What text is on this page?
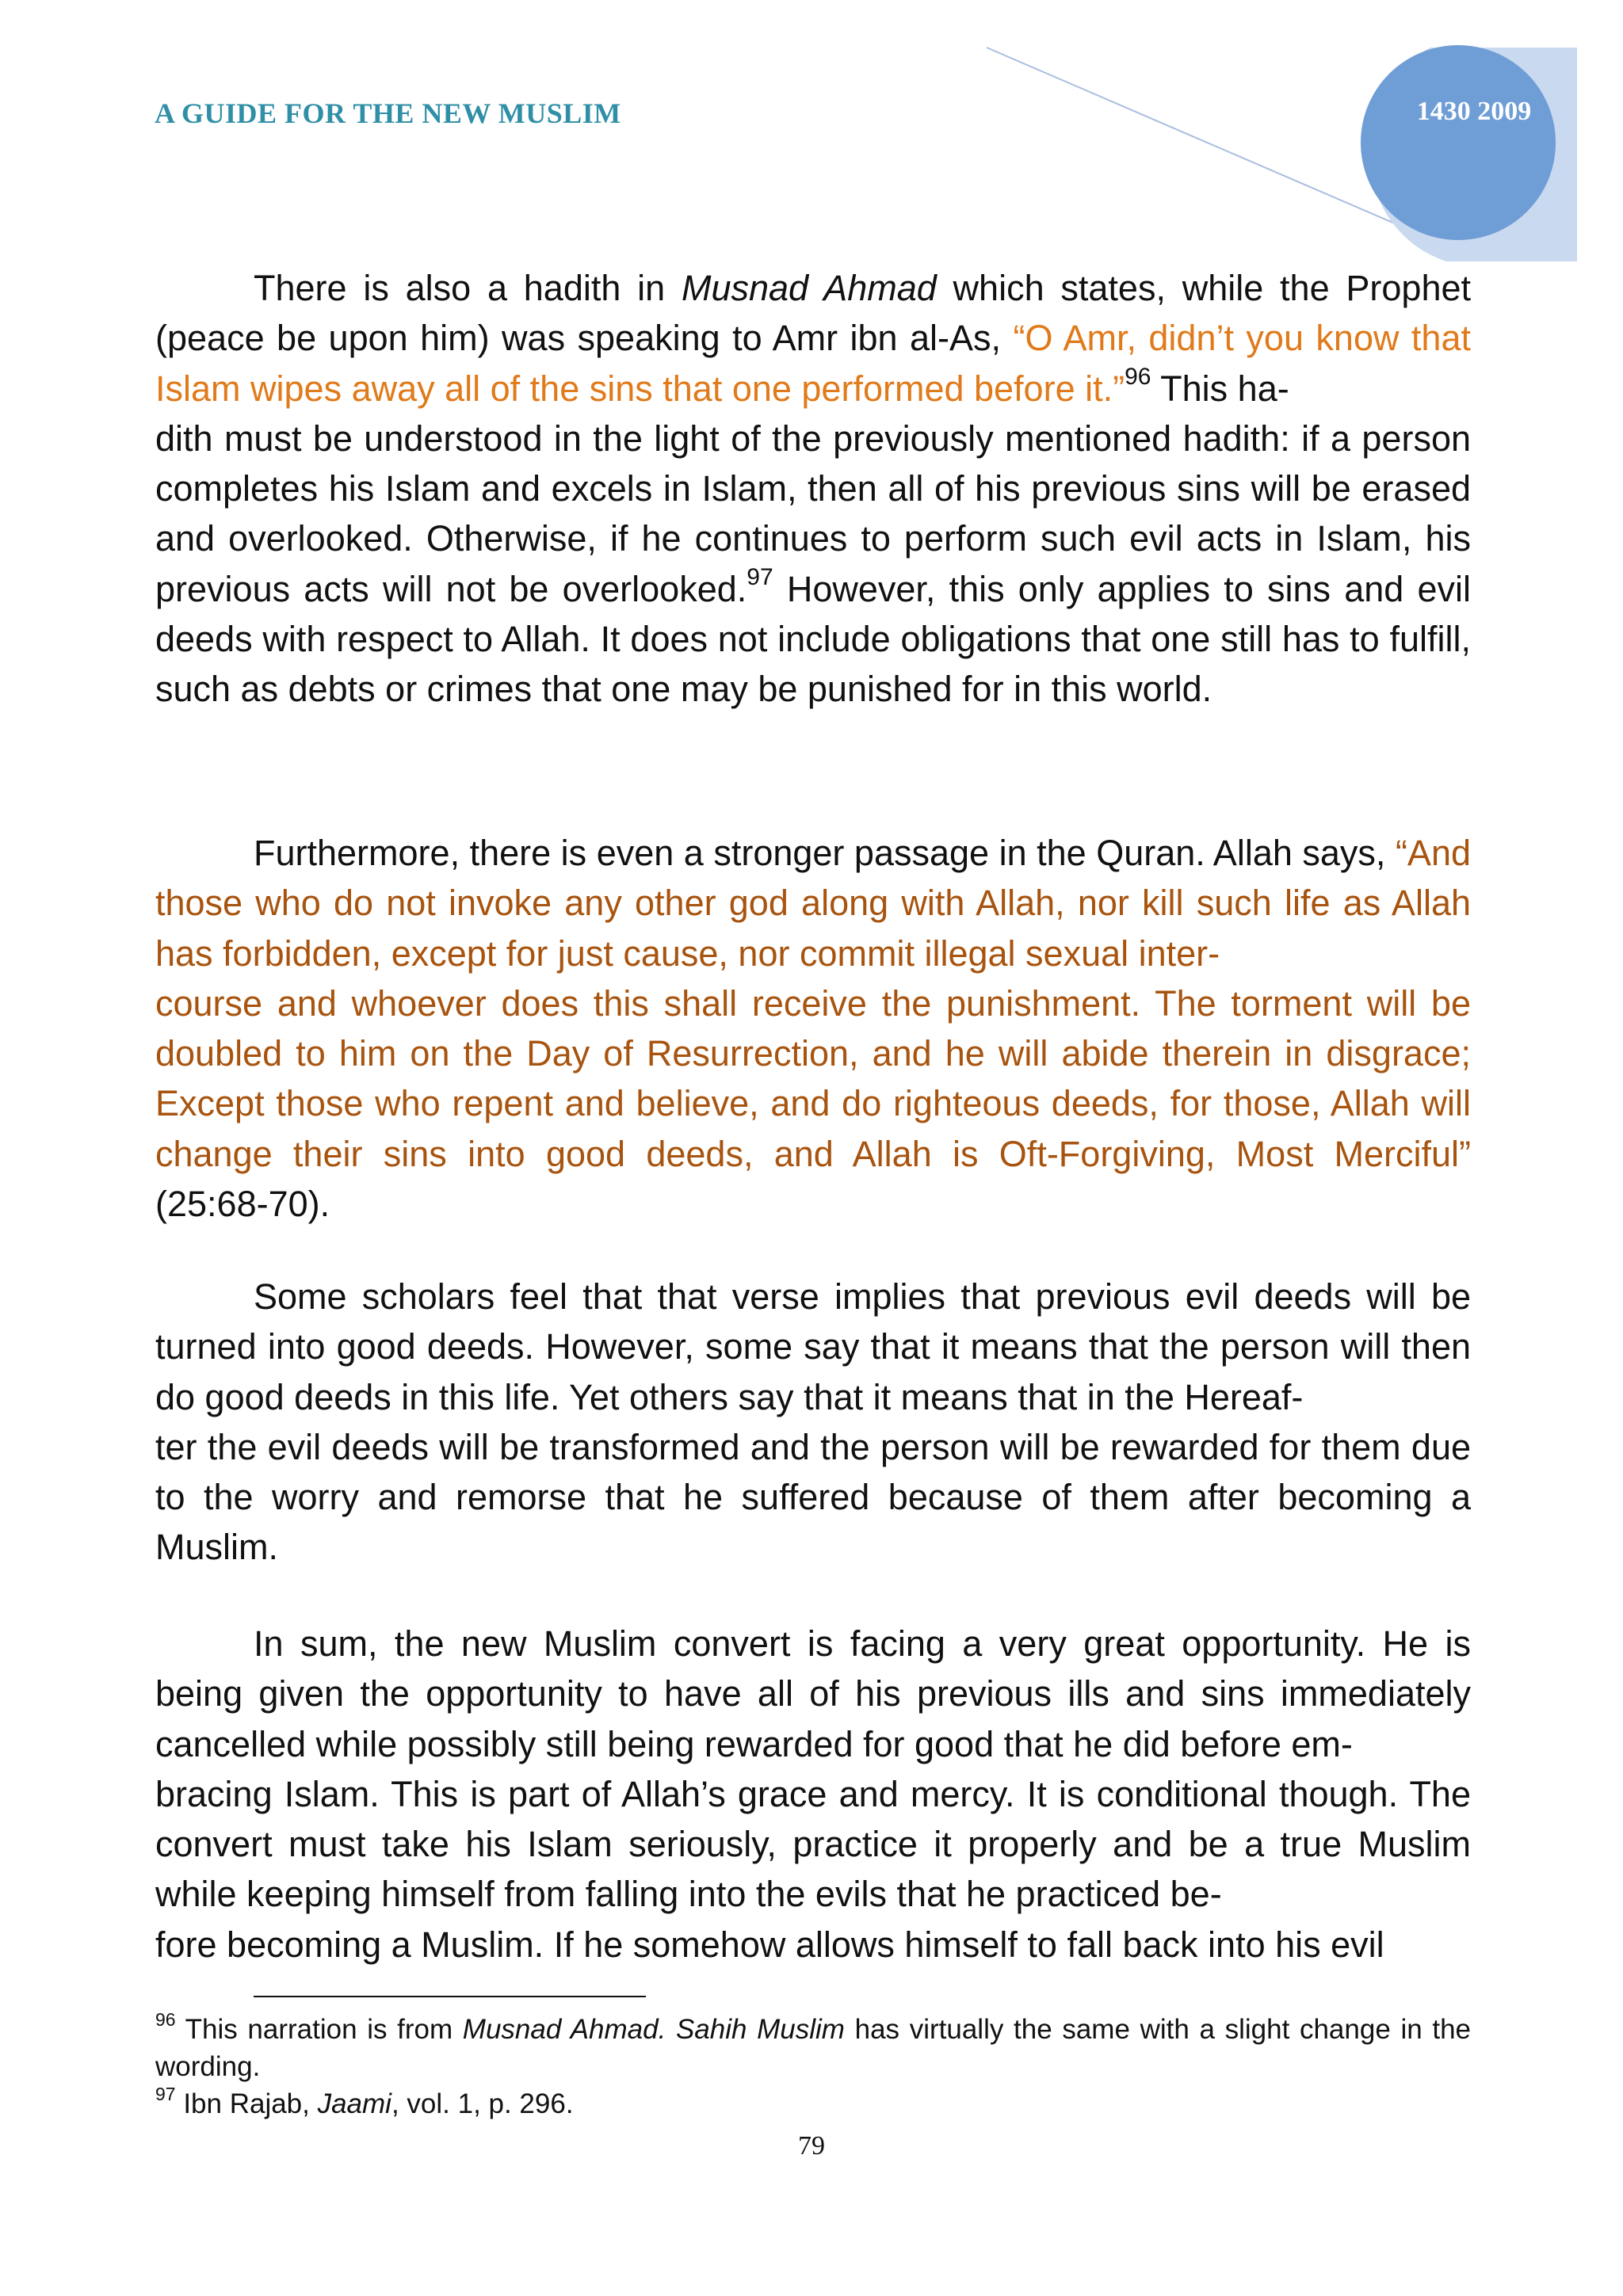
A GUIDE FOR THE NEW MUSLIM	1430 2009

There is also a hadith in Musnad Ahmad which states, while the Prophet (peace be upon him) was speaking to Amr ibn al-As, “O Amr, didn’t you know that Islam wipes away all of the sins that one performed before it.”$^{96}$ This ha-
dith must be understood in the light of the previously mentioned hadith: if a person completes his Islam and excels in Islam, then all of his previous sins will be erased and overlooked. Otherwise, if he continues to perform such evil acts in Islam, his previous acts will not be overlooked.$^{97}$ However, this only applies to sins and evil deeds with respect to Allah. It does not include obligations that one still has to fulfill, such as debts or crimes that one may be punished for in this world.

Furthermore, there is even a stronger passage in the Quran. Allah says, “And those who do not invoke any other god along with Allah, nor kill such life as Allah has forbidden, except for just cause, nor commit illegal sexual inter-
course and whoever does this shall receive the punishment. The torment will be doubled to him on the Day of Resurrection, and he will abide therein in disgrace; Except those who repent and believe, and do righteous deeds, for those, Allah will change their sins into good deeds, and Allah is Oft-Forgiving, Most Merciful” (25:68-70).

Some scholars feel that that verse implies that previous evil deeds will be turned into good deeds. However, some say that it means that the person will then do good deeds in this life. Yet others say that it means that in the Hereaf-
ter the evil deeds will be transformed and the person will be rewarded for them due to the worry and remorse that he suffered because of them after becoming a Muslim.

In sum, the new Muslim convert is facing a very great opportunity. He is being given the opportunity to have all of his previous ills and sins immediately cancelled while possibly still being rewarded for good that he did before em-
bracing Islam. This is part of Allah’s grace and mercy. It is conditional though. The convert must take his Islam seriously, practice it properly and be a true Muslim while keeping himself from falling into the evils that he practiced be-
fore becoming a Muslim. If he somehow allows himself to fall back into his evil

$^{96}$ This narration is from Musnad Ahmad. Sahih Muslim has virtually the same with a slight change in the wording.

$^{97}$ Ibn Rajab, Jaami, vol. 1, p. 296.

79
